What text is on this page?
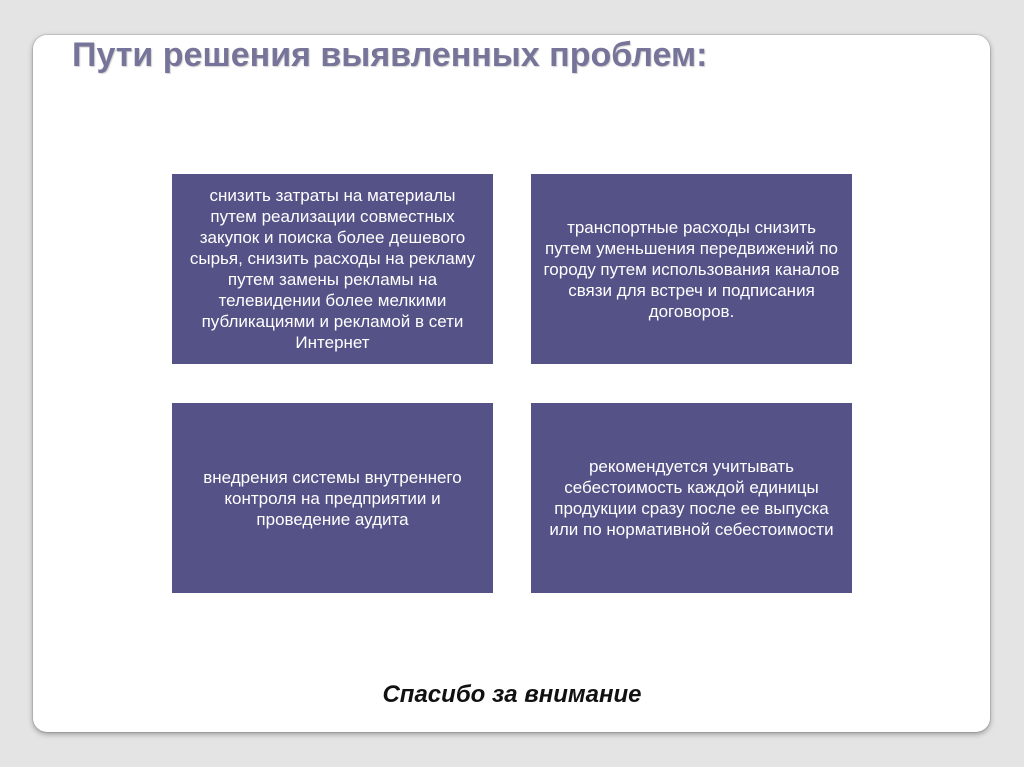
Пути решения выявленных проблем:
снизить затраты на материалы путем реализации совместных закупок и поиска более дешевого сырья, снизить расходы на рекламу путем замены рекламы на телевидении более мелкими публикациями и рекламой в сети Интернет
транспортные расходы снизить путем уменьшения передвижений по городу путем использования каналов связи для встреч и подписания договоров.
внедрения системы внутреннего контроля на предприятии и проведение аудита
рекомендуется учитывать себестоимость каждой единицы продукции сразу после ее выпуска или по нормативной себестоимости

Спасибо за внимание
